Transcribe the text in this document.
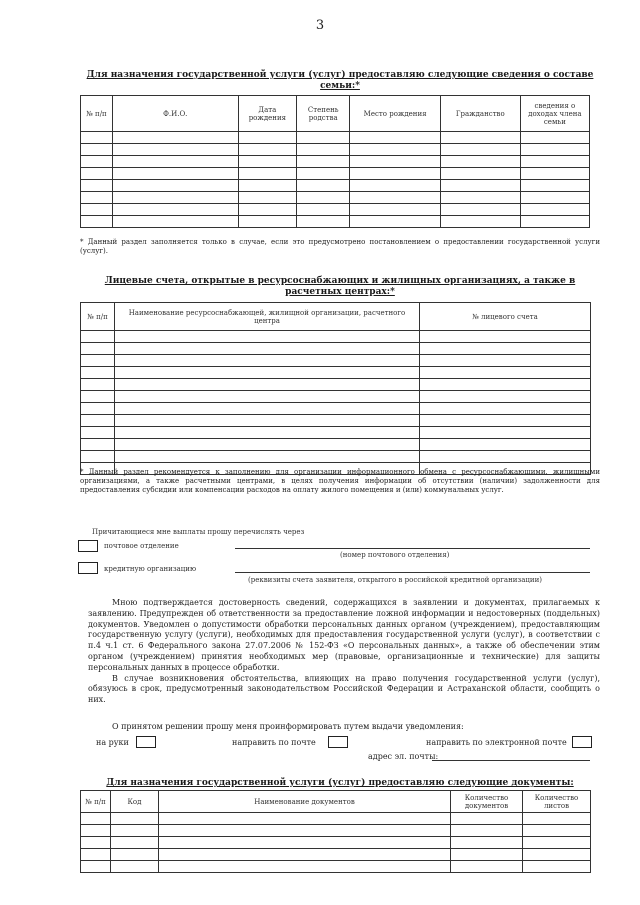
3
Для назначения государственной услуги (услуг) предоставляю следующие сведения о составе
семьи:*
№ п/п	Ф.И.О.	Дата рождения	Степень родства	Место рождения	Гражданство	сведения о доходах члена семьи

* Данный раздел заполняется только в случае, если это предусмотрено постановлением о предоставлении государственной услуги (услуг).
Лицевые счета, открытые в ресурсоснабжающих и жилищных организациях, а также в
расчетных центрах:*
№ п/п	Наименование ресурсоснабжающей, жилищной организации, расчетного центра	№ лицевого счета

* Данный раздел рекомендуется к заполнению для организации информационного обмена с ресурсоснабжающими, жилищными организациями, а также расчетными центрами, в целях получения информации об отсутствии (наличии) задолженности для предоставления субсидии или компенсации расходов на оплату жилого помещения и (или) коммунальных услуг.
Причитающиеся мне выплаты прошу перечислять через
почтовое отделение
(номер почтового отделения)
кредитную организацию
(реквизиты счета заявителя, открытого в российской кредитной организации)

Мною подтверждается достоверность сведений, содержащихся в заявлении и документах, прилагаемых к заявлению. Предупрежден об ответственности за предоставление ложной информации и недостоверных (поддельных) документов. Уведомлен о допустимости обработки персональных данных органом (учреждением), предоставляющим государственную услугу (услуги), необходимых для предоставления государственной услуги (услуг), в соответствии с п.4 ч.1 ст. 6 Федерального закона 27.07.2006 № 152-ФЗ «О персональных данных», а также об обеспечении этим органом (учреждением) принятия необходимых мер (правовые, организационные и технические) для защиты персональных данных в процессе обработки.

В случае возникновения обстоятельства, влияющих на право получения государственной услуги (услуг), обязуюсь в срок, предусмотренный законодательством Российской Федерации и Астраханской области, сообщить о них.

О принятом решении прошу меня проинформировать путем выдачи уведомления:
на руки	направить по почте	направить по электронной почте
адрес эл. почты:
Для назначения государственной услуги (услуг) предоставляю следующие документы:
№ п/п	Код	Наименование документов	Количество документов	Количество листов
